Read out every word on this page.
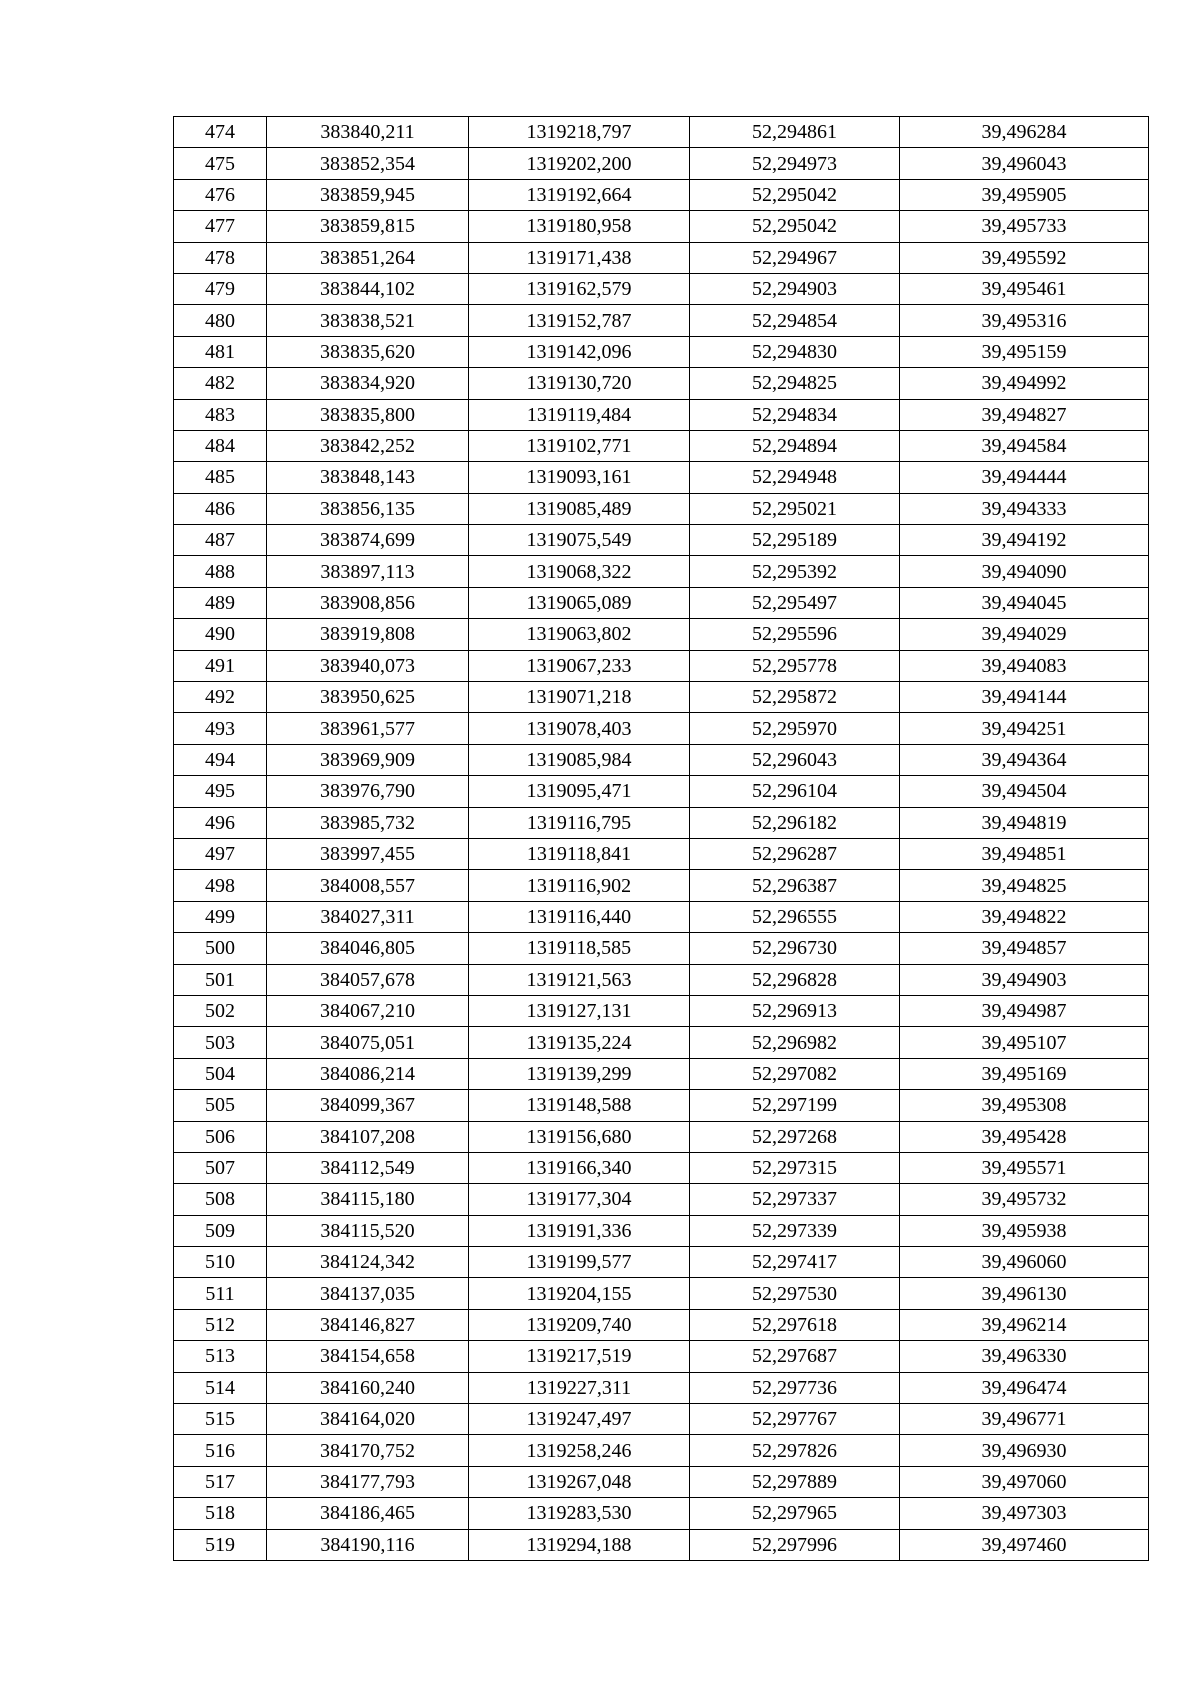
474	383840,211	1319218,797	52,294861	39,496284
475	383852,354	1319202,200	52,294973	39,496043
476	383859,945	1319192,664	52,295042	39,495905
477	383859,815	1319180,958	52,295042	39,495733
478	383851,264	1319171,438	52,294967	39,495592
479	383844,102	1319162,579	52,294903	39,495461
480	383838,521	1319152,787	52,294854	39,495316
481	383835,620	1319142,096	52,294830	39,495159
482	383834,920	1319130,720	52,294825	39,494992
483	383835,800	1319119,484	52,294834	39,494827
484	383842,252	1319102,771	52,294894	39,494584
485	383848,143	1319093,161	52,294948	39,494444
486	383856,135	1319085,489	52,295021	39,494333
487	383874,699	1319075,549	52,295189	39,494192
488	383897,113	1319068,322	52,295392	39,494090
489	383908,856	1319065,089	52,295497	39,494045
490	383919,808	1319063,802	52,295596	39,494029
491	383940,073	1319067,233	52,295778	39,494083
492	383950,625	1319071,218	52,295872	39,494144
493	383961,577	1319078,403	52,295970	39,494251
494	383969,909	1319085,984	52,296043	39,494364
495	383976,790	1319095,471	52,296104	39,494504
496	383985,732	1319116,795	52,296182	39,494819
497	383997,455	1319118,841	52,296287	39,494851
498	384008,557	1319116,902	52,296387	39,494825
499	384027,311	1319116,440	52,296555	39,494822
500	384046,805	1319118,585	52,296730	39,494857
501	384057,678	1319121,563	52,296828	39,494903
502	384067,210	1319127,131	52,296913	39,494987
503	384075,051	1319135,224	52,296982	39,495107
504	384086,214	1319139,299	52,297082	39,495169
505	384099,367	1319148,588	52,297199	39,495308
506	384107,208	1319156,680	52,297268	39,495428
507	384112,549	1319166,340	52,297315	39,495571
508	384115,180	1319177,304	52,297337	39,495732
509	384115,520	1319191,336	52,297339	39,495938
510	384124,342	1319199,577	52,297417	39,496060
511	384137,035	1319204,155	52,297530	39,496130
512	384146,827	1319209,740	52,297618	39,496214
513	384154,658	1319217,519	52,297687	39,496330
514	384160,240	1319227,311	52,297736	39,496474
515	384164,020	1319247,497	52,297767	39,496771
516	384170,752	1319258,246	52,297826	39,496930
517	384177,793	1319267,048	52,297889	39,497060
518	384186,465	1319283,530	52,297965	39,497303
519	384190,116	1319294,188	52,297996	39,497460
